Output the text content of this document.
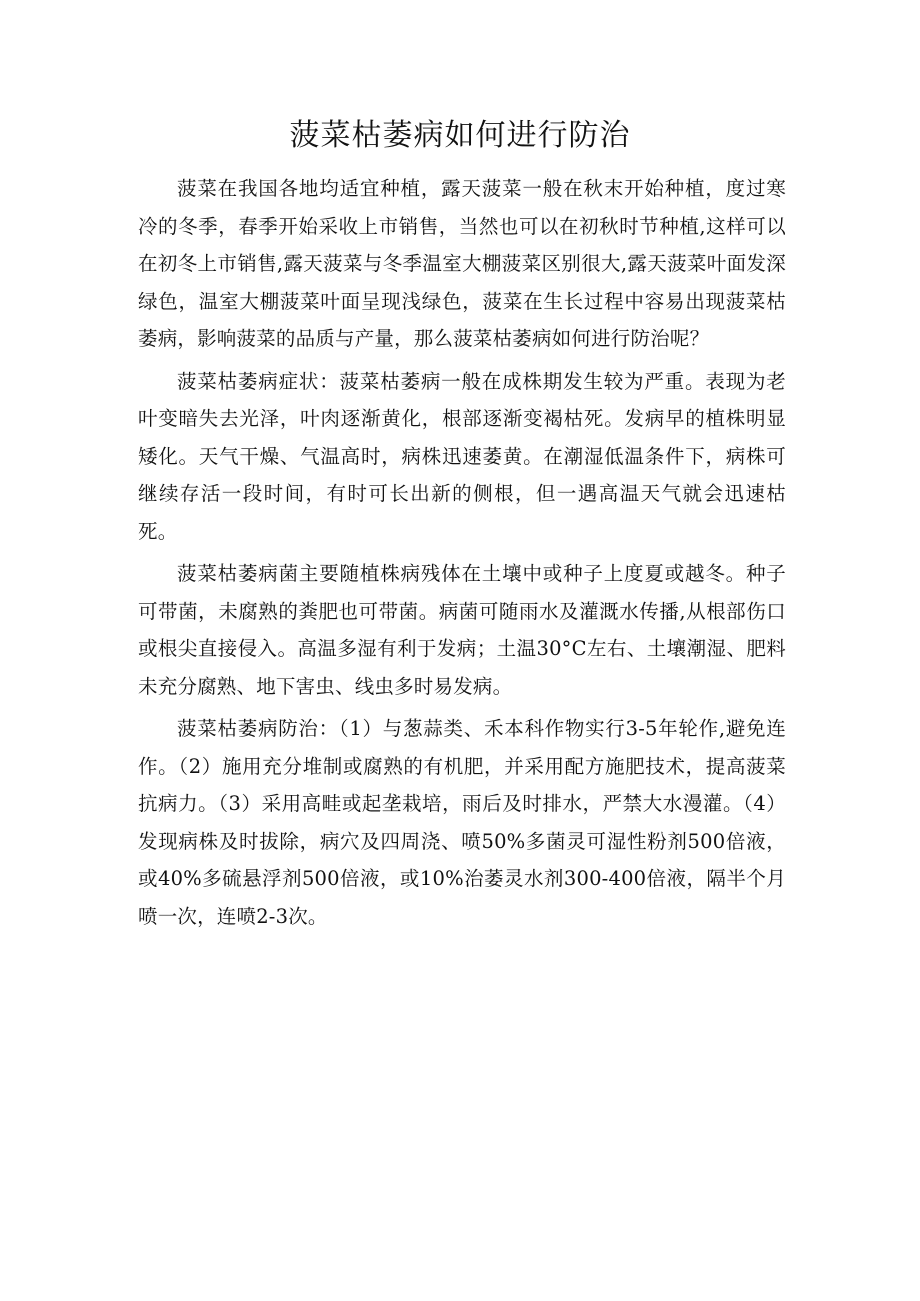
菠菜枯萎病如何进行防治

菠菜在我国各地均适宜种植，露天菠菜一般在秋末开始种植，度过寒冷的冬季，春季开始采收上市销售，当然也可以在初秋时节种植,这样可以在初冬上市销售,露天菠菜与冬季温室大棚菠菜区别很大,露天菠菜叶面发深绿色，温室大棚菠菜叶面呈现浅绿色，菠菜在生长过程中容易出现菠菜枯萎病，影响菠菜的品质与产量，那么菠菜枯萎病如何进行防治呢？

菠菜枯萎病症状：菠菜枯萎病一般在成株期发生较为严重。表现为老叶变暗失去光泽，叶肉逐渐黄化，根部逐渐变褐枯死。发病早的植株明显矮化。天气干燥、气温高时，病株迅速萎黄。在潮湿低温条件下，病株可继续存活一段时间，有时可长出新的侧根，但一遇高温天气就会迅速枯死。

菠菜枯萎病菌主要随植株病残体在土壤中或种子上度夏或越冬。种子可带菌，未腐熟的粪肥也可带菌。病菌可随雨水及灌溉水传播,从根部伤口或根尖直接侵入。高温多湿有利于发病；土温30°C左右、土壤潮湿、肥料未充分腐熟、地下害虫、线虫多时易发病。

菠菜枯萎病防治：（1）与葱蒜类、禾本科作物实行3-5年轮作,避免连作。（2）施用充分堆制或腐熟的有机肥，并采用配方施肥技术，提高菠菜抗病力。（3）采用高畦或起垄栽培，雨后及时排水，严禁大水漫灌。（4）发现病株及时拔除，病穴及四周浇、喷50%多菌灵可湿性粉剂500倍液，或40%多硫悬浮剂500倍液，或10%治萎灵水剂300-400倍液，隔半个月喷一次，连喷2-3次。
